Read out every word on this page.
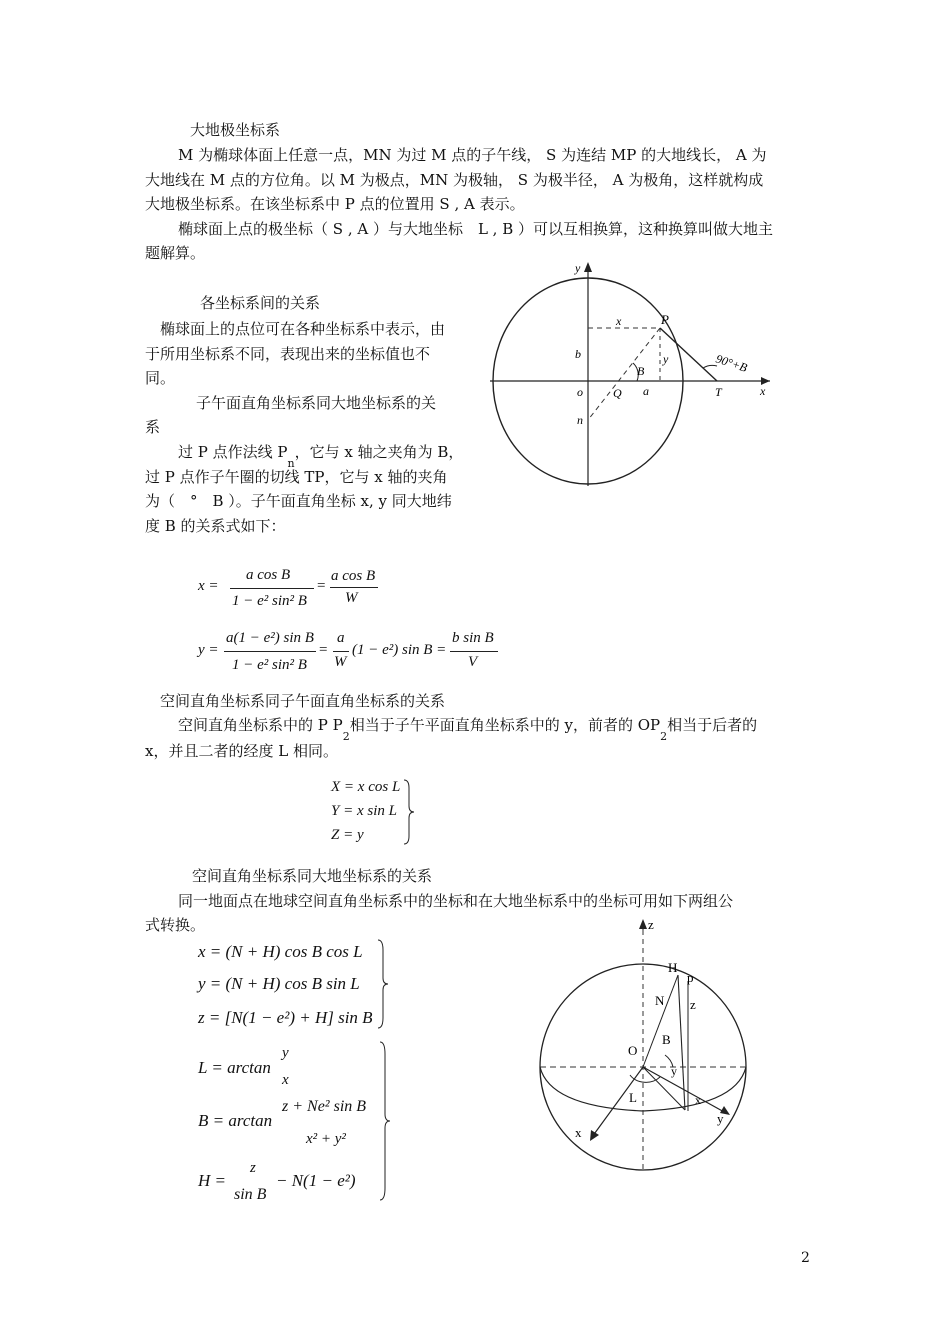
大地极坐标系
M 为椭球体面上任意一点，MN 为过 M 点的子午线， S 为连结 MP 的大地线长， A 为
大地线在 M 点的方位角。以 M 为极点，MN 为极轴， S 为极半径， A 为极角，这样就构成
大地极坐标系。在该坐标系中 P 点的位置用 S , A 表示。
椭球面上点的极坐标（ S , A ）与大地坐标　L , B ）可以互相换算，这种换算叫做大地主
题解算。
各坐标系间的关系
椭球面上的点位可在各种坐标系中表示，由
于所用坐标系不同，表现出来的坐标值也不
同。
子午面直角坐标系同大地坐标系的关
系
过 P 点作法线 $P_n$，它与 x 轴之夹角为 B，
过 P 点作子午圈的切线 TP，它与 x 轴的夹角
为（　°　B ）。子午面直角坐标 x, y 同大地纬
度 B 的关系式如下：
y
x
P
b
o	Q a	T
n
B
x
y	90°+B
x =
a cos B
1 − e² sin² B
=
a cos B
W
y =
a(1 − e²) sin B
1 − e² sin² B
=
a
W
(1 − e²) sin B =
b sin B
V
空间直角坐标系同子午面直角坐标系的关系
空间直角坐标系中的 P $P_2$相当于子午平面直角坐标系中的 y，前者的 $OP_2$相当于后者的
x，并且二者的经度 L 相同。
X = x cos L
Y = x sin L
Z = y
空间直角坐标系同大地坐标系的关系
同一地面点在地球空间直角坐标系中的坐标和在大地坐标系中的坐标可用如下两组公
式转换。
x = (N + H) cos B cos L
y = (N + H) cos B sin L
z = [N(1 − e²) + H] sin B
L = arctan
y
x
B = arctan
z + Ne² sin B
x² + y²
H =
z
sin B
− N(1 − e²)
z
H
p
N z
O
B
y
L
x
x
y
2
